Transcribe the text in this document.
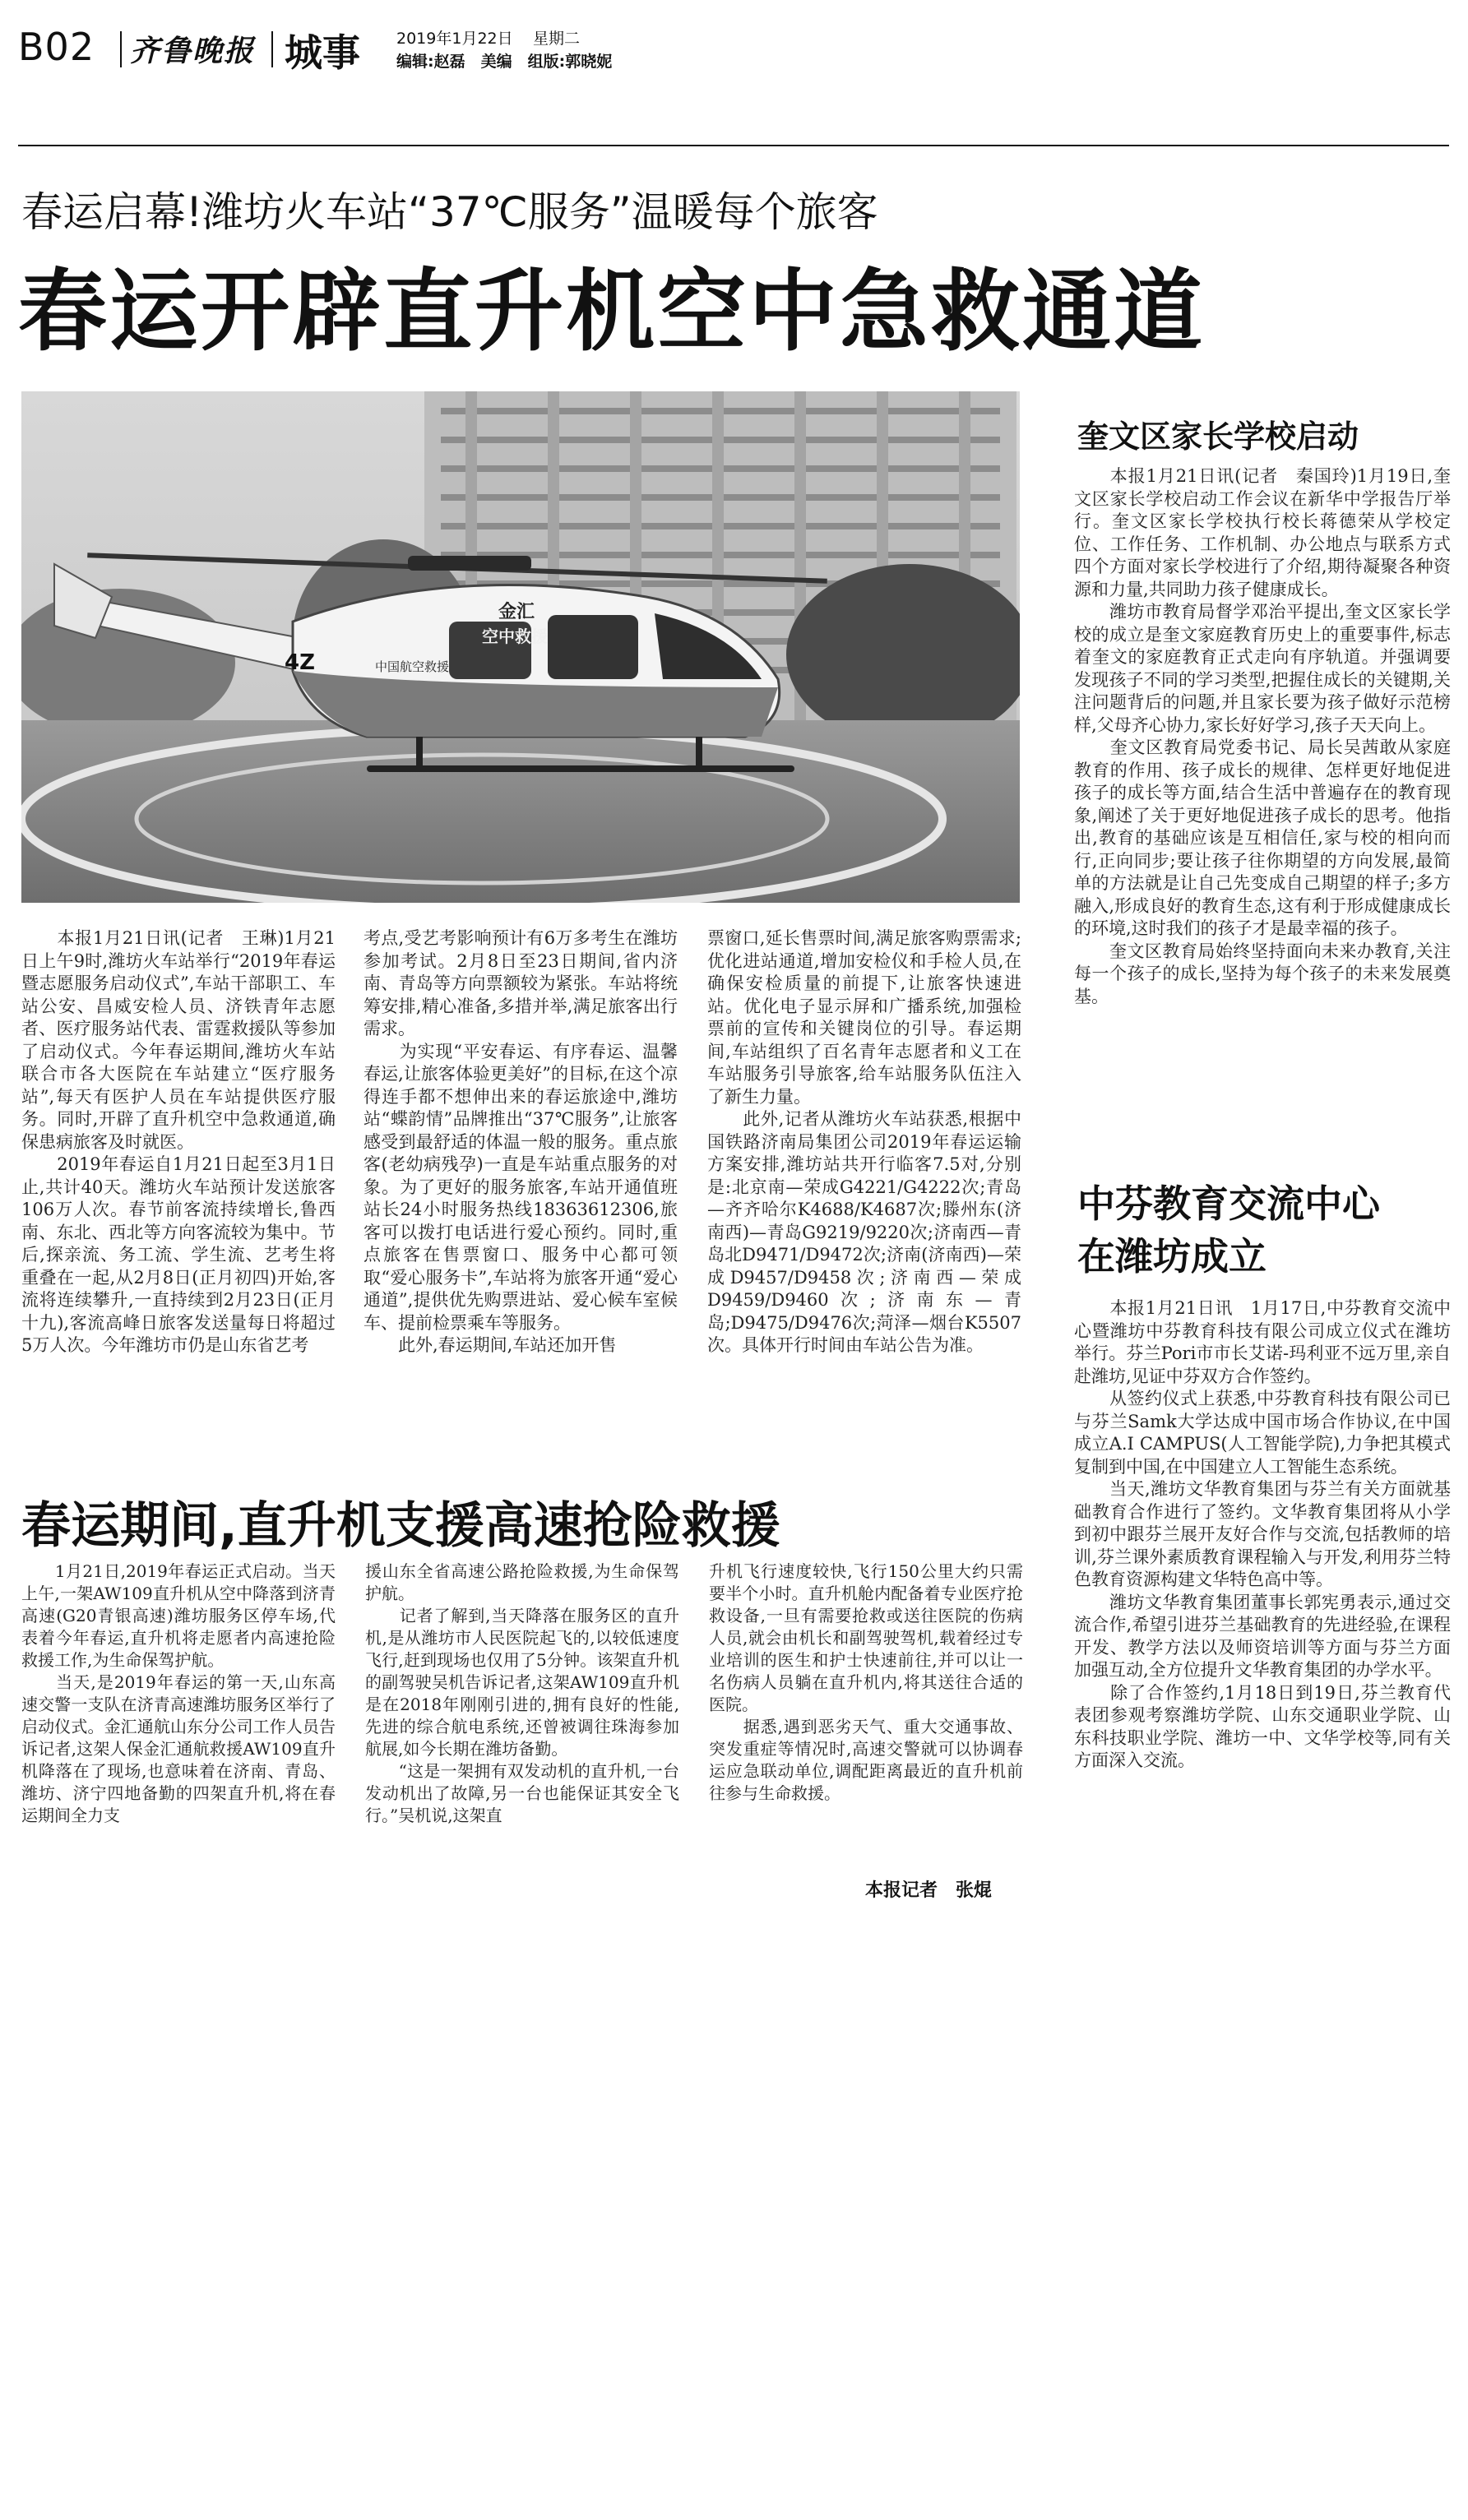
B02 齐鲁晚报 城事 2019年1月22日 星期二
编辑:赵磊　美编　组版:郭晓妮
春运启幕!潍坊火车站“37℃服务”温暖每个旅客
春运开辟直升机空中急救通道
金汇
空中救援
4Z	中国航空救援
　　本报1月21日讯(记者　王琳)1月21日上午9时,潍坊火车站举行“2019年春运暨志愿服务启动仪式”,车站干部职工、车站公安、昌威安检人员、济铁青年志愿者、医疗服务站代表、雷霆救援队等参加了启动仪式。今年春运期间,潍坊火车站联合市各大医院在车站建立“医疗服务站”,每天有医护人员在车站提供医疗服务。同时,开辟了直升机空中急救通道,确保患病旅客及时就医。
　　2019年春运自1月21日起至3月1日止,共计40天。潍坊火车站预计发送旅客106万人次。春节前客流持续增长,鲁西南、东北、西北等方向客流较为集中。节后,探亲流、务工流、学生流、艺考生将重叠在一起,从2月8日(正月初四)开始,客流将连续攀升,一直持续到2月23日(正月十九),客流高峰日旅客发送量每日将超过5万人次。今年潍坊市仍是山东省艺考
考点,受艺考影响预计有6万多考生在潍坊参加考试。2月8日至23日期间,省内济南、青岛等方向票额较为紧张。车站将统筹安排,精心准备,多措并举,满足旅客出行需求。
　　为实现“平安春运、有序春运、温馨春运,让旅客体验更美好”的目标,在这个凉得连手都不想伸出来的春运旅途中,潍坊站“蝶韵情”品牌推出“37℃服务”,让旅客感受到最舒适的体温一般的服务。重点旅客(老幼病残孕)一直是车站重点服务的对象。为了更好的服务旅客,车站开通值班站长24小时服务热线18363612306,旅客可以拨打电话进行爱心预约。同时,重点旅客在售票窗口、服务中心都可领取“爱心服务卡”,车站将为旅客开通“爱心通道”,提供优先购票进站、爱心候车室候车、提前检票乘车等服务。
　　此外,春运期间,车站还加开售
票窗口,延长售票时间,满足旅客购票需求;优化进站通道,增加安检仪和手检人员,在确保安检质量的前提下,让旅客快速进站。优化电子显示屏和广播系统,加强检票前的宣传和关键岗位的引导。春运期间,车站组织了百名青年志愿者和义工在车站服务引导旅客,给车站服务队伍注入了新生力量。
　　此外,记者从潍坊火车站获悉,根据中国铁路济南局集团公司2019年春运运输方案安排,潍坊站共开行临客7.5对,分别是:北京南—荣成G4221/G4222次;青岛—齐齐哈尔K4688/K4687次;滕州东(济南西)—青岛G9219/9220次;济南西—青岛北D9471/D9472次;济南(济南西)—荣成D9457/D9458次;济南西—荣成D9459/D9460次;济南东—青岛;D9475/D9476次;菏泽—烟台K5507次。具体开行时间由车站公告为准。
奎文区家长学校启动
　　本报1月21日讯(记者　秦国玲)1月19日,奎文区家长学校启动工作会议在新华中学报告厅举行。奎文区家长学校执行校长蒋德荣从学校定位、工作任务、工作机制、办公地点与联系方式四个方面对家长学校进行了介绍,期待凝聚各种资源和力量,共同助力孩子健康成长。
　　潍坊市教育局督学邓治平提出,奎文区家长学校的成立是奎文家庭教育历史上的重要事件,标志着奎文的家庭教育正式走向有序轨道。并强调要发现孩子不同的学习类型,把握住成长的关键期,关注问题背后的问题,并且家长要为孩子做好示范榜样,父母齐心协力,家长好好学习,孩子天天向上。
　　奎文区教育局党委书记、局长吴茜敢从家庭教育的作用、孩子成长的规律、怎样更好地促进孩子的成长等方面,结合生活中普遍存在的教育现象,阐述了关于更好地促进孩子成长的思考。他指出,教育的基础应该是互相信任,家与校的相向而行,正向同步;要让孩子往你期望的方向发展,最简单的方法就是让自己先变成自己期望的样子;多方融入,形成良好的教育生态,这有利于形成健康成长的环境,这时我们的孩子才是最幸福的孩子。
　　奎文区教育局始终坚持面向未来办教育,关注每一个孩子的成长,坚持为每个孩子的未来发展奠基。
中芬教育交流中心
在潍坊成立
　　本报1月21日讯　1月17日,中芬教育交流中心暨潍坊中芬教育科技有限公司成立仪式在潍坊举行。芬兰Pori市市长艾诺-玛利亚不远万里,亲自赴潍坊,见证中芬双方合作签约。
　　从签约仪式上获悉,中芬教育科技有限公司已与芬兰Samk大学达成中国市场合作协议,在中国成立A.I CAMPUS(人工智能学院),力争把其模式复制到中国,在中国建立人工智能生态系统。
　　当天,潍坊文华教育集团与芬兰有关方面就基础教育合作进行了签约。文华教育集团将从小学到初中跟芬兰展开友好合作与交流,包括教师的培训,芬兰课外素质教育课程输入与开发,利用芬兰特色教育资源构建文华特色高中等。
　　潍坊文华教育集团董事长郭宪勇表示,通过交流合作,希望引进芬兰基础教育的先进经验,在课程开发、教学方法以及师资培训等方面与芬兰方面加强互动,全方位提升文华教育集团的办学水平。
　　除了合作签约,1月18日到19日,芬兰教育代表团参观考察潍坊学院、山东交通职业学院、山东科技职业学院、潍坊一中、文华学校等,同有关方面深入交流。
春运期间,直升机支援高速抢险救援
　　1月21日,2019年春运正式启动。当天上午,一架AW109直升机从空中降落到济青高速(G20青银高速)潍坊服务区停车场,代表着今年春运,直升机将走愿者内高速抢险救援工作,为生命保驾护航。
　　当天,是2019年春运的第一天,山东高速交警一支队在济青高速潍坊服务区举行了启动仪式。金汇通航山东分公司工作人员告诉记者,这架人保金汇通航救援AW109直升机降落在了现场,也意味着在济南、青岛、潍坊、济宁四地备勤的四架直升机,将在春运期间全力支
援山东全省高速公路抢险救援,为生命保驾护航。
　　记者了解到,当天降落在服务区的直升机,是从潍坊市人民医院起飞的,以较低速度飞行,赶到现场也仅用了5分钟。该架直升机的副驾驶吴机告诉记者,这架AW109直升机是在2018年刚刚引进的,拥有良好的性能,先进的综合航电系统,还曾被调往珠海参加航展,如今长期在潍坊备勤。
　　“这是一架拥有双发动机的直升机,一台发动机出了故障,另一台也能保证其安全飞行。”吴机说,这架直
升机飞行速度较快,飞行150公里大约只需要半个小时。直升机舱内配备着专业医疗抢救设备,一旦有需要抢救或送往医院的伤病人员,就会由机长和副驾驶驾机,载着经过专业培训的医生和护士快速前往,并可以让一名伤病人员躺在直升机内,将其送往合适的医院。
　　据悉,遇到恶劣天气、重大交通事故、突发重症等情况时,高速交警就可以协调春运应急联动单位,调配距离最近的直升机前往参与生命救援。
本报记者　张焜
